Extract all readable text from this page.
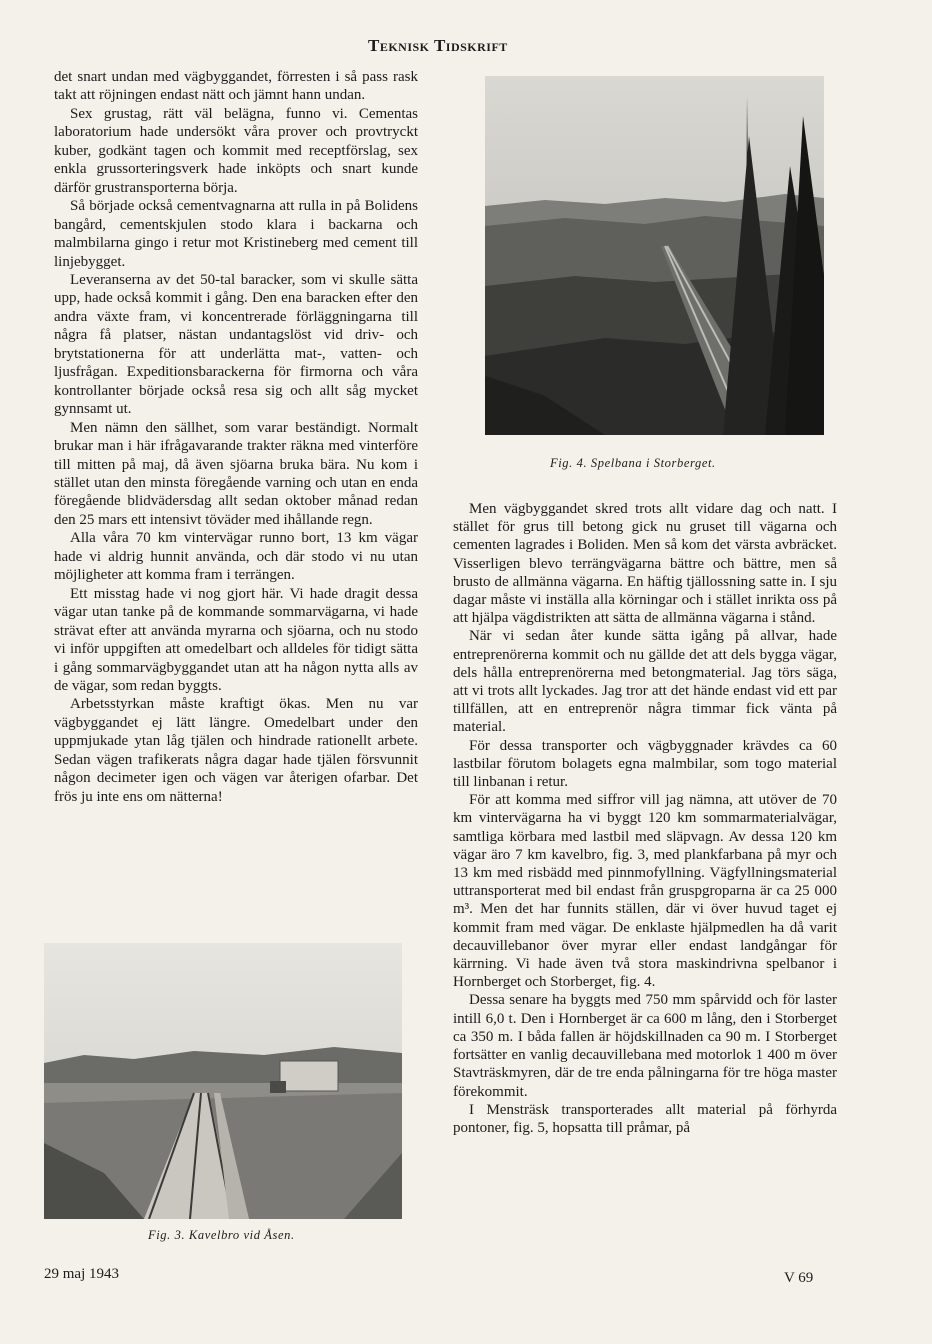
Teknisk Tidskrift

det snart undan med vägbyggandet, förresten i så pass rask takt att röjningen endast nätt och jämnt hann undan.

Sex grustag, rätt väl belägna, funno vi. Cementas laboratorium hade undersökt våra prover och provtryckt kuber, godkänt tagen och kommit med receptförslag, sex enkla grussorteringsverk hade inköpts och snart kunde därför grustransporterna börja.

Så började också cementvagnarna att rulla in på Bolidens bangård, cementskjulen stodo klara i backarna och malmbilarna gingo i retur mot Kristineberg med cement till linjebygget.

Leveranserna av det 50-tal baracker, som vi skulle sätta upp, hade också kommit i gång. Den ena baracken efter den andra växte fram, vi koncentrerade förläggningarna till några få platser, nästan undantagslöst vid driv- och brytstationerna för att underlätta mat-, vatten- och ljusfrågan. Expeditionsbarackerna för firmorna och våra kontrollanter började också resa sig och allt såg mycket gynnsamt ut.

Men nämn den sällhet, som varar beständigt. Normalt brukar man i här ifrågavarande trakter räkna med vinterföre till mitten på maj, då även sjöarna bruka bära. Nu kom i stället utan den minsta föregående varning och utan en enda föregående blidvädersdag allt sedan oktober månad redan den 25 mars ett intensivt töväder med ihållande regn.

Alla våra 70 km vintervägar runno bort, 13 km vägar hade vi aldrig hunnit använda, och där stodo vi nu utan möjligheter att komma fram i terrängen.

Ett misstag hade vi nog gjort här. Vi hade dragit dessa vägar utan tanke på de kommande sommarvägarna, vi hade strävat efter att använda myrarna och sjöarna, och nu stodo vi inför uppgiften att omedelbart och alldeles för tidigt sätta i gång sommarvägbyggandet utan att ha någon nytta alls av de vägar, som redan byggts.

Arbetsstyrkan måste kraftigt ökas. Men nu var vägbyggandet ej lätt längre. Omedelbart under den uppmjukade ytan låg tjälen och hindrade rationellt arbete. Sedan vägen trafikerats några dagar hade tjälen försvunnit någon decimeter igen och vägen var återigen ofarbar. Det frös ju inte ens om nätterna!

Fig. 4. Spelbana i Storberget.

Men vägbyggandet skred trots allt vidare dag och natt. I stället för grus till betong gick nu gruset till vägarna och cementen lagrades i Boliden. Men så kom det värsta avbräcket. Visserligen blevo terrängvägarna bättre och bättre, men så brusto de allmänna vägarna. En häftig tjällossning satte in. I sju dagar måste vi inställa alla körningar och i stället inrikta oss på att hjälpa vägdistrikten att sätta de allmänna vägarna i stånd.

När vi sedan åter kunde sätta igång på allvar, hade entreprenörerna kommit och nu gällde det att dels bygga vägar, dels hålla entreprenörerna med betongmaterial. Jag törs säga, att vi trots allt lyckades. Jag tror att det hände endast vid ett par tillfällen, att en entreprenör några timmar fick vänta på material.

För dessa transporter och vägbyggnader krävdes ca 60 lastbilar förutom bolagets egna malmbilar, som togo material till linbanan i retur.

För att komma med siffror vill jag nämna, att utöver de 70 km vintervägarna ha vi byggt 120 km sommarmaterialvägar, samtliga körbara med lastbil med släpvagn. Av dessa 120 km vägar äro 7 km kavelbro, fig. 3, med plankfarbana på myr och 13 km med risbädd med pinnmofyllning. Vägfyllningsmaterial uttransporterat med bil endast från gruspgroparna är ca 25 000 m³. Men det har funnits ställen, där vi över huvud taget ej kommit fram med vägar. De enklaste hjälpmedlen ha då varit decauvillebanor över myrar eller endast landgångar för kärrning. Vi hade även två stora maskindrivna spelbanor i Hornberget och Storberget, fig. 4.

Dessa senare ha byggts med 750 mm spårvidd och för laster intill 6,0 t. Den i Hornberget är ca 600 m lång, den i Storberget ca 350 m. I båda fallen är höjdskillnaden ca 90 m. I Storberget fortsätter en vanlig decauvillebana med motorlok 1 400 m över Stavträskmyren, där de tre enda pålningarna för tre höga master förekommit.

I Mensträsk transporterades allt material på förhyrda pontoner, fig. 5, hopsatta till pråmar, på

Fig. 3. Kavelbro vid Åsen.
29 maj 1943	V 69
